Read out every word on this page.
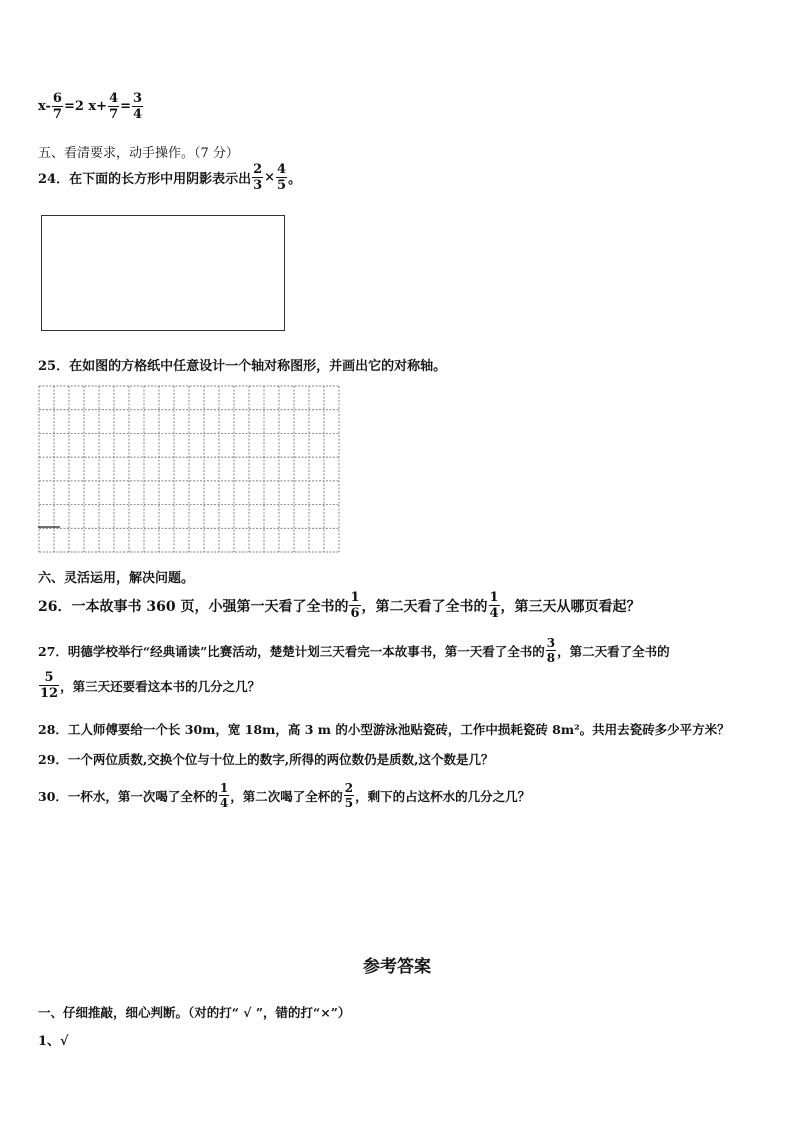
$x- \frac{6}{7} =2$ $x+ \frac{4}{7} = \frac{3}{4}$
五、看清要求，动手操作。（7 分）
24．在下面的长方形中用阴影表示出 $\frac{2}{3} \times \frac{4}{5}$ 。
25．在如图的方格纸中任意设计一个轴对称图形，并画出它的对称轴。
六、灵活运用，解决问题。
26．一本故事书 360 页，小强第一天看了全书的 $\frac{1}{6}$ ，第二天看了全书的 $\frac{1}{4}$ ，第三天从哪页看起？
27．明德学校举行“经典诵读”比赛活动，楚楚计划三天看完一本故事书，第一天看了全书的 $\frac{3}{8}$ ，第二天看了全书的
$\frac{5}{12}$ ，第三天还要看这本书的几分之几？
28．工人师傅要给一个长 30m，宽 18m，高 3 m 的小型游泳池贴瓷砖，工作中损耗瓷砖 8m²。共用去瓷砖多少平方米？
29．一个两位质数,交换个位与十位上的数字,所得的两位数仍是质数,这个数是几？
30．一杯水，第一次喝了全杯的 $\frac{1}{4}$ ，第二次喝了全杯的 $\frac{2}{5}$ ，剩下的占这杯水的几分之几？
参考答案
一、仔细推敲，细心判断。（对的打“ √ ”，错的打“×”）
1、√
